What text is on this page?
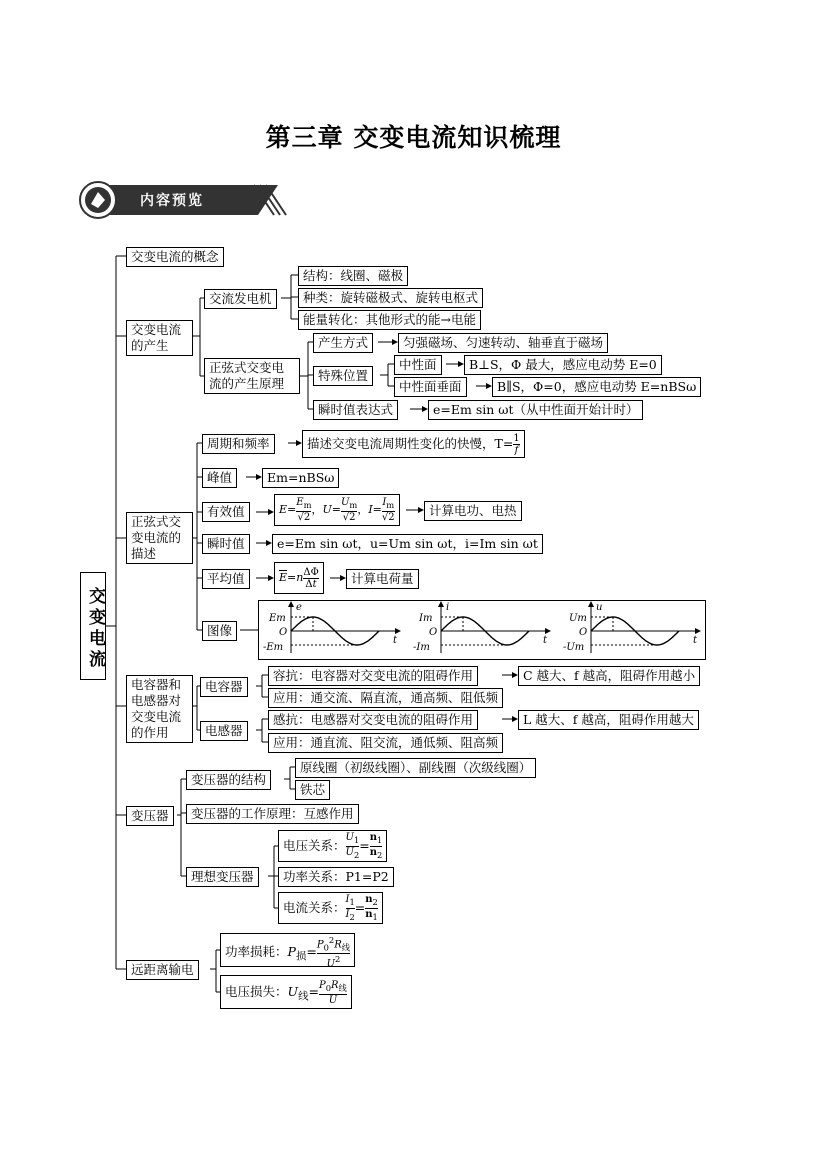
第三章 交变电流知识梳理
内容预览
交变电流
交变电流的概念
交变电流的产生
正弦式交变电流的描述
电容器和电感器对交变电流的作用
变压器
远距离输电
交流发电机
结构：线圈、磁极
种类：旋转磁极式、旋转电枢式
能量转化：其他形式的能→电能
正弦式交变电流的产生原理
产生方式	匀强磁场、匀速转动、轴垂直于磁场
特殊位置
中性面	B⊥S，Φ 最大，感应电动势 E=0
中性面垂面	B∥S，Φ=0，感应电动势 E=nBSω
瞬时值表达式	e=Em sin ωt（从中性面开始计时）
周期和频率	描述交变电流周期性变化的快慢，$T= \frac{1}{f}$
峰值	Em=nBSω
有效值	$E= \frac{E_m}{√2}$ ，$U= \frac{U_m}{√2}$ ，$I= \frac{I_m}{√2}$	计算电功、电热
瞬时值	e=Em sin ωt，u=Um sin ωt，i=Im sin ωt
平均值	$\overline{E}=n \frac{\Delta\Phi}{\Delta t}$	计算电荷量
图像
e
Em
O
-Em
t
i
Im
O
-Im
t
u
Um
O
-Um
t
电容器
容抗：电容器对交变电流的阻碍作用	C 越大、f 越高，阻碍作用越小
应用：通交流、隔直流，通高频、阻低频
电感器
感抗：电感器对交变电流的阻碍作用	L 越大、f 越高，阻碍作用越大
应用：通直流、阻交流，通低频、阻高频
变压器的结构
原线圈（初级线圈）、副线圈（次级线圈）
铁芯
变压器的工作原理：互感作用
理想变压器
电压关系： $\frac{U_1}{U_2} = \frac{n_1}{n_2}$
功率关系：P1=P2
电流关系： $\frac{I_1}{I_2} = \frac{n_2}{n_1}$
功率损耗：$P_损= \frac{P_0^2R_线}{U^2}$
电压损失：$U_线= \frac{P_0R_线}{U}$
